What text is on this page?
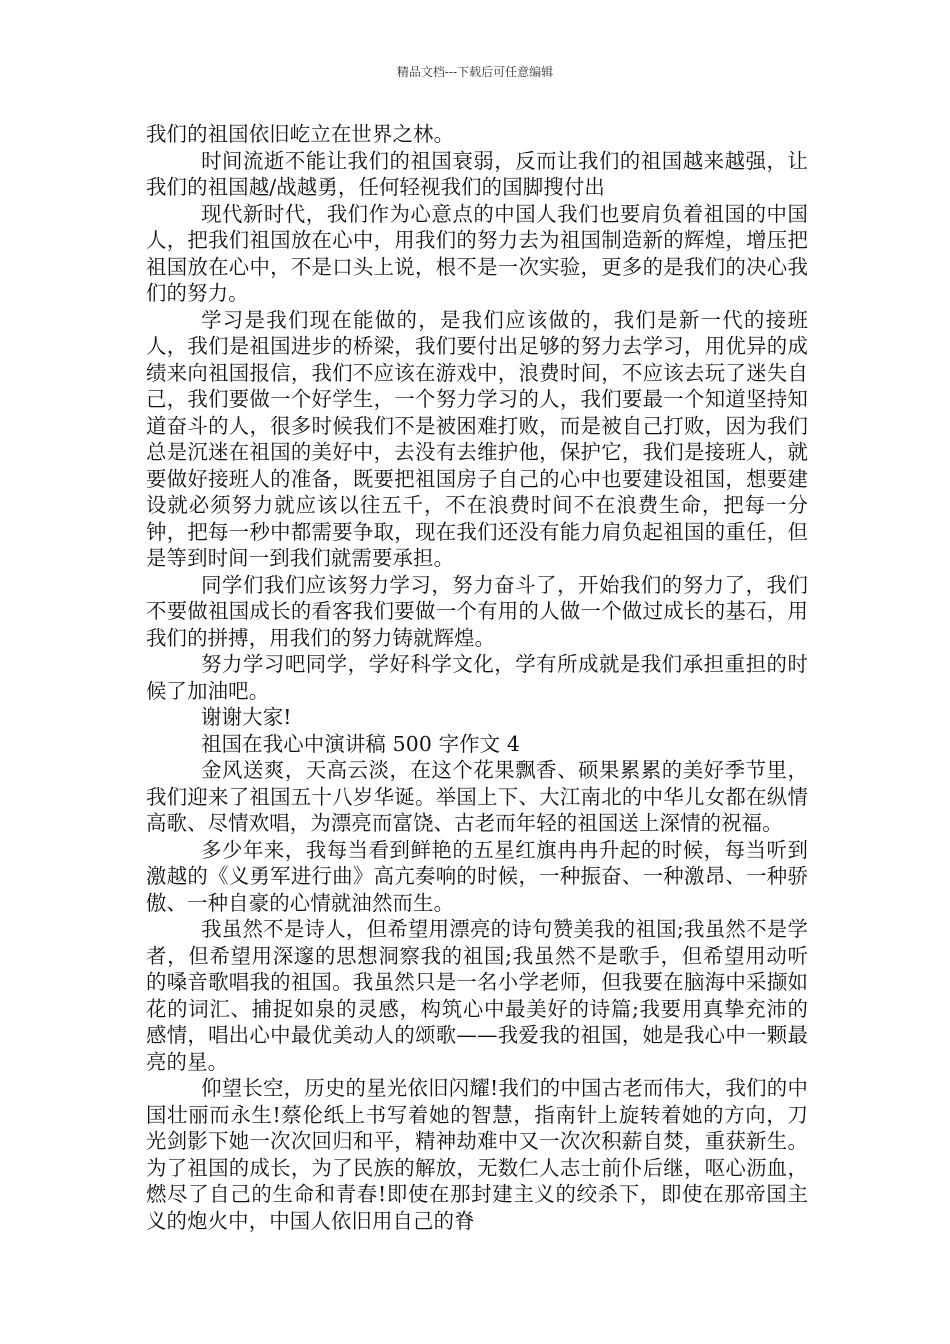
精品文档---下载后可任意编辑

我们的祖国依旧屹立在世界之林。

时间流逝不能让我们的祖国衰弱，反而让我们的祖国越来越强，让我们的祖国越/战越勇，任何轻视我们的国脚搜付出

现代新时代，我们作为心意点的中国人我们也要肩负着祖国的中国人，把我们祖国放在心中，用我们的努力去为祖国制造新的辉煌，增压把祖国放在心中，不是口头上说，根不是一次实验，更多的是我们的决心我们的努力。

学习是我们现在能做的，是我们应该做的，我们是新一代的接班人，我们是祖国进步的桥梁，我们要付出足够的努力去学习，用优异的成绩来向祖国报信，我们不应该在游戏中，浪费时间，不应该去玩了迷失自己，我们要做一个好学生，一个努力学习的人，我们要最一个知道坚持知道奋斗的人，很多时候我们不是被困难打败，而是被自己打败，因为我们总是沉迷在祖国的美好中，去没有去维护他，保护它，我们是接班人，就要做好接班人的准备，既要把祖国房子自己的心中也要建设祖国，想要建设就必须努力就应该以往五千，不在浪费时间不在浪费生命，把每一分钟，把每一秒中都需要争取，现在我们还没有能力肩负起祖国的重任，但是等到时间一到我们就需要承担。

同学们我们应该努力学习，努力奋斗了，开始我们的努力了，我们不要做祖国成长的看客我们要做一个有用的人做一个做过成长的基石，用我们的拼搏，用我们的努力铸就辉煌。

努力学习吧同学，学好科学文化，学有所成就是我们承担重担的时候了加油吧。

谢谢大家!

祖国在我心中演讲稿 500 字作文 4

金风送爽，天高云淡，在这个花果飘香、硕果累累的美好季节里，我们迎来了祖国五十八岁华诞。举国上下、大江南北的中华儿女都在纵情高歌、尽情欢唱，为漂亮而富饶、古老而年轻的祖国送上深情的祝福。

多少年来，我每当看到鲜艳的五星红旗冉冉升起的时候，每当听到激越的《义勇军进行曲》高亢奏响的时候，一种振奋、一种激昂、一种骄傲、一种自豪的心情就油然而生。

我虽然不是诗人，但希望用漂亮的诗句赞美我的祖国;我虽然不是学者，但希望用深邃的思想洞察我的祖国;我虽然不是歌手，但希望用动听的嗓音歌唱我的祖国。我虽然只是一名小学老师，但我要在脑海中采撷如花的词汇、捕捉如泉的灵感，构筑心中最美好的诗篇;我要用真挚充沛的感情，唱出心中最优美动人的颂歌——我爱我的祖国，她是我心中一颗最亮的星。

仰望长空，历史的星光依旧闪耀!我们的中国古老而伟大，我们的中国壮丽而永生!蔡伦纸上书写着她的智慧，指南针上旋转着她的方向，刀光剑影下她一次次回归和平，精神劫难中又一次次积薪自焚，重获新生。为了祖国的成长，为了民族的解放，无数仁人志士前仆后继，呕心沥血，燃尽了自己的生命和青春!即使在那封建主义的绞杀下，即使在那帝国主义的炮火中，中国人依旧用自己的脊
